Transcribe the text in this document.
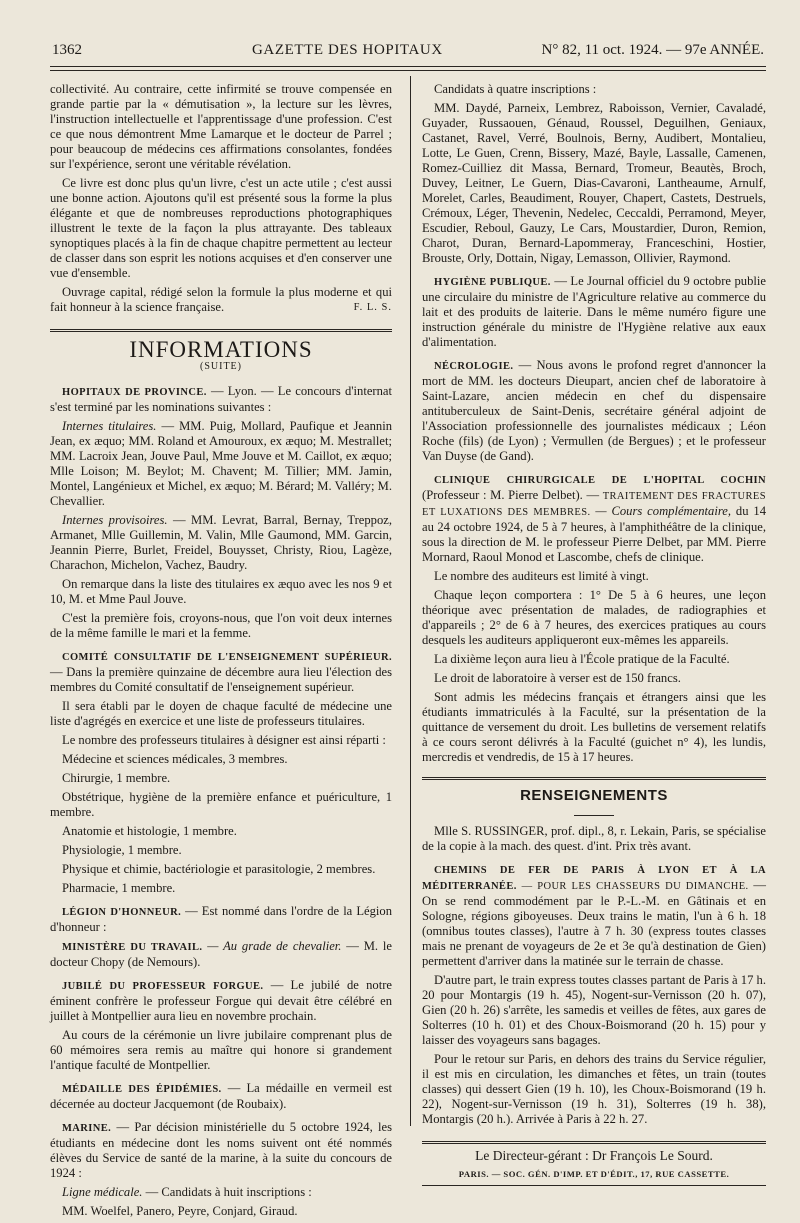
1362	GAZETTE DES HOPITAUX	N° 82, 11 oct. 1924. — 97e ANNÉE.

collectivité. Au contraire, cette infirmité se trouve compensée en grande partie par la « démutisation », la lecture sur les lèvres, l'instruction intellectuelle et l'apprentissage d'une profession. C'est ce que nous démontrent Mme Lamarque et le docteur de Parrel ; pour beaucoup de médecins ces affirmations consolantes, fondées sur l'expérience, seront une véritable révélation.

Ce livre est donc plus qu'un livre, c'est un acte utile ; c'est aussi une bonne action. Ajoutons qu'il est présenté sous la forme la plus élégante et que de nombreuses reproductions photographiques illustrent le texte de la façon la plus attrayante. Des tableaux synoptiques placés à la fin de chaque chapitre permettent au lecteur de classer dans son esprit les notions acquises et d'en conserver une vue d'ensemble.

Ouvrage capital, rédigé selon la formule la plus moderne et qui fait honneur à la science française.	F. L. S.

INFORMATIONS
(SUITE)

HOPITAUX DE PROVINCE. — Lyon. — Le concours d'internat s'est terminé par les nominations suivantes :

Internes titulaires. — MM. Puig, Mollard, Paufique et Jeannin Jean, ex æquo; MM. Roland et Amouroux, ex æquo; M. Mestrallet; MM. Lacroix Jean, Jouve Paul, Mme Jouve et M. Caillot, ex æquo; Mlle Loison; M. Beylot; M. Chavent; M. Tillier; MM. Jamin, Montel, Langénieux et Michel, ex æquo; M. Bérard; M. Valléry; M. Chevallier.

Internes provisoires. — MM. Levrat, Barral, Bernay, Treppoz, Armanet, Mlle Guillemin, M. Valin, Mlle Gaumond, MM. Garcin, Jeannin Pierre, Burlet, Freidel, Bouysset, Christy, Riou, Lagèze, Charachon, Michelon, Vachez, Baudry.

On remarque dans la liste des titulaires ex æquo avec les nos 9 et 10, M. et Mme Paul Jouve.

C'est la première fois, croyons-nous, que l'on voit deux internes de la même famille le mari et la femme.

COMITÉ CONSULTATIF DE L'ENSEIGNEMENT SUPÉRIEUR. — Dans la première quinzaine de décembre aura lieu l'élection des membres du Comité consultatif de l'enseignement supérieur.

Il sera établi par le doyen de chaque faculté de médecine une liste d'agrégés en exercice et une liste de professeurs titulaires.

Le nombre des professeurs titulaires à désigner est ainsi réparti :

Médecine et sciences médicales, 3 membres.

Chirurgie, 1 membre.

Obstétrique, hygiène de la première enfance et puériculture, 1 membre.

Anatomie et histologie, 1 membre.

Physiologie, 1 membre.

Physique et chimie, bactériologie et parasitologie, 2 membres.

Pharmacie, 1 membre.

LÉGION D'HONNEUR. — Est nommé dans l'ordre de la Légion d'honneur :

MINISTÈRE DU TRAVAIL. — Au grade de chevalier. — M. le docteur Chopy (de Nemours).

JUBILÉ DU PROFESSEUR FORGUE. — Le jubilé de notre éminent confrère le professeur Forgue qui devait être célébré en juillet à Montpellier aura lieu en novembre prochain.

Au cours de la cérémonie un livre jubilaire comprenant plus de 60 mémoires sera remis au maître qui honore si grandement l'antique faculté de Montpellier.

MÉDAILLE DES ÉPIDÉMIES. — La médaille en vermeil est décernée au docteur Jacquemont (de Roubaix).

MARINE. — Par décision ministérielle du 5 octobre 1924, les étudiants en médecine dont les noms suivent ont été nommés élèves du Service de santé de la marine, à la suite du concours de 1924 :

Ligne médicale. — Candidats à huit inscriptions :

MM. Woelfel, Panero, Peyre, Conjard, Giraud.

Candidats à quatre inscriptions :

MM. Daydé, Parneix, Lembrez, Raboisson, Vernier, Cavaladé, Guyader, Russaouen, Génaud, Roussel, Deguilhen, Geniaux, Castanet, Ravel, Verré, Boulnois, Berny, Audibert, Montalieu, Lotte, Le Guen, Crenn, Bissery, Mazé, Bayle, Lassalle, Camenen, Romez-Cuilliez dit Massa, Bernard, Tromeur, Beautès, Broch, Duvey, Leitner, Le Guern, Dias-Cavaroni, Lantheaume, Arnulf, Morelet, Carles, Beaudiment, Rouyer, Chapert, Castets, Destruels, Crémoux, Léger, Thevenin, Nedelec, Ceccaldi, Perramond, Meyer, Escudier, Reboul, Gauzy, Le Cars, Moustardier, Duron, Remion, Charot, Duran, Bernard-Lapommeray, Franceschini, Hostier, Brouste, Orly, Dottain, Nigay, Lemasson, Ollivier, Raymond.

HYGIÈNE PUBLIQUE. — Le Journal officiel du 9 octobre publie une circulaire du ministre de l'Agriculture relative au commerce du lait et des produits de laiterie. Dans le même numéro figure une instruction générale du ministre de l'Hygiène relative aux eaux d'alimentation.

NÉCROLOGIE. — Nous avons le profond regret d'annoncer la mort de MM. les docteurs Dieupart, ancien chef de laboratoire à Saint-Lazare, ancien médecin en chef du dispensaire antituberculeux de Saint-Denis, secrétaire général adjoint de l'Association professionnelle des journalistes médicaux ; Léon Roche (fils) (de Lyon) ; Vermullen (de Bergues) ; et le professeur Van Duyse (de Gand).

CLINIQUE CHIRURGICALE DE L'HOPITAL COCHIN (Professeur : M. Pierre Delbet). — TRAITEMENT DES FRACTURES ET LUXATIONS DES MEMBRES. — Cours complémentaire, du 14 au 24 octobre 1924, de 5 à 7 heures, à l'amphithéâtre de la clinique, sous la direction de M. le professeur Pierre Delbet, par MM. Pierre Mornard, Raoul Monod et Lascombe, chefs de clinique.

Le nombre des auditeurs est limité à vingt.

Chaque leçon comportera : 1° De 5 à 6 heures, une leçon théorique avec présentation de malades, de radiographies et d'appareils ; 2° de 6 à 7 heures, des exercices pratiques au cours desquels les auditeurs appliqueront eux-mêmes les appareils.

La dixième leçon aura lieu à l'École pratique de la Faculté.

Le droit de laboratoire à verser est de 150 francs.

Sont admis les médecins français et étrangers ainsi que les étudiants immatriculés à la Faculté, sur la présentation de la quittance de versement du droit. Les bulletins de versement relatifs à ce cours seront délivrés à la Faculté (guichet n° 4), les lundis, mercredis et vendredis, de 15 à 17 heures.

RENSEIGNEMENTS

Mlle S. RUSSINGER, prof. dipl., 8, r. Lekain, Paris, se spécialise de la copie à la mach. des quest. d'int. Prix très avant.

CHEMINS DE FER DE PARIS À LYON ET À LA MÉDITERRANÉE. — POUR LES CHASSEURS DU DIMANCHE. — On se rend commodément par le P.-L.-M. en Gâtinais et en Sologne, régions giboyeuses. Deux trains le matin, l'un à 6 h. 18 (omnibus toutes classes), l'autre à 7 h. 30 (express toutes classes mais ne prenant de voyageurs de 2e et 3e qu'à destination de Gien) permettent d'arriver dans la matinée sur le terrain de chasse.

D'autre part, le train express toutes classes partant de Paris à 17 h. 20 pour Montargis (19 h. 45), Nogent-sur-Vernisson (20 h. 07), Gien (20 h. 26) s'arrête, les samedis et veilles de fêtes, aux gares de Solterres (10 h. 01) et des Choux-Boismorand (20 h. 15) pour y laisser des voyageurs sans bagages.

Pour le retour sur Paris, en dehors des trains du Service régulier, il est mis en circulation, les dimanches et fêtes, un train (toutes classes) qui dessert Gien (19 h. 10), les Choux-Boismorand (19 h. 22), Nogent-sur-Vernisson (19 h. 31), Solterres (19 h. 38), Montargis (20 h.). Arrivée à Paris à 22 h. 27.

Le Directeur-gérant : Dr François Le Sourd.
PARIS. — SOC. GÉN. D'IMP. ET D'ÉDIT., 17, RUE CASSETTE.
